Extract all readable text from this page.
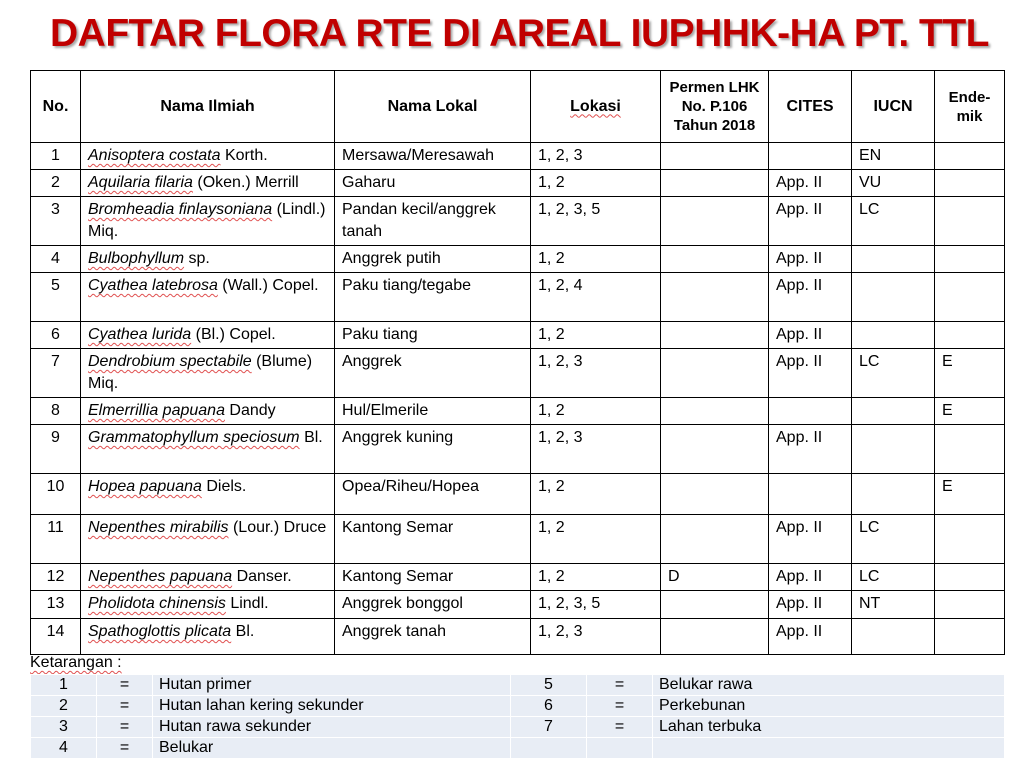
DAFTAR FLORA RTE DI AREAL IUPHHK-HA PT. TTL
No.	Nama Ilmiah	Nama Lokal	Lokasi	Permen LHK
No. P.106
Tahun 2018	CITES	IUCN	Ende-
mik
1	Anisoptera costata Korth.	Mersawa/Meresawah	1, 2, 3			EN	
2	Aquilaria filaria (Oken.) Merrill	Gaharu	1, 2		App. II	VU	
3	Bromheadia finlaysoniana (Lindl.) Miq.	Pandan kecil/anggrek tanah	1, 2, 3, 5		App. II	LC	
4	Bulbophyllum sp.	Anggrek putih	1, 2		App. II		
5	Cyathea latebrosa (Wall.) Copel.	Paku tiang/tegabe	1, 2, 4		App. II		
6	Cyathea lurida (Bl.) Copel.	Paku tiang	1, 2		App. II		
7	Dendrobium spectabile (Blume) Miq.	Anggrek	1, 2, 3		App. II	LC	E
8	Elmerrillia papuana Dandy	Hul/Elmerile	1, 2				E
9	Grammatophyllum speciosum Bl.	Anggrek kuning	1, 2, 3		App. II		
10	Hopea papuana Diels.	Opea/Riheu/Hopea	1, 2				E
11	Nepenthes mirabilis (Lour.) Druce	Kantong Semar	1, 2		App. II	LC	
12	Nepenthes papuana Danser.	Kantong Semar	1, 2	D	App. II	LC	
13	Pholidota chinensis Lindl.	Anggrek bonggol	1, 2, 3, 5		App. II	NT	
14	Spathoglottis plicata Bl.	Anggrek tanah	1, 2, 3		App. II		
Ketarangan :
1	=	Hutan primer	5	=	Belukar rawa
2	=	Hutan lahan kering sekunder	6	=	Perkebunan
3	=	Hutan rawa sekunder	7	=	Lahan terbuka
4	=	Belukar			
